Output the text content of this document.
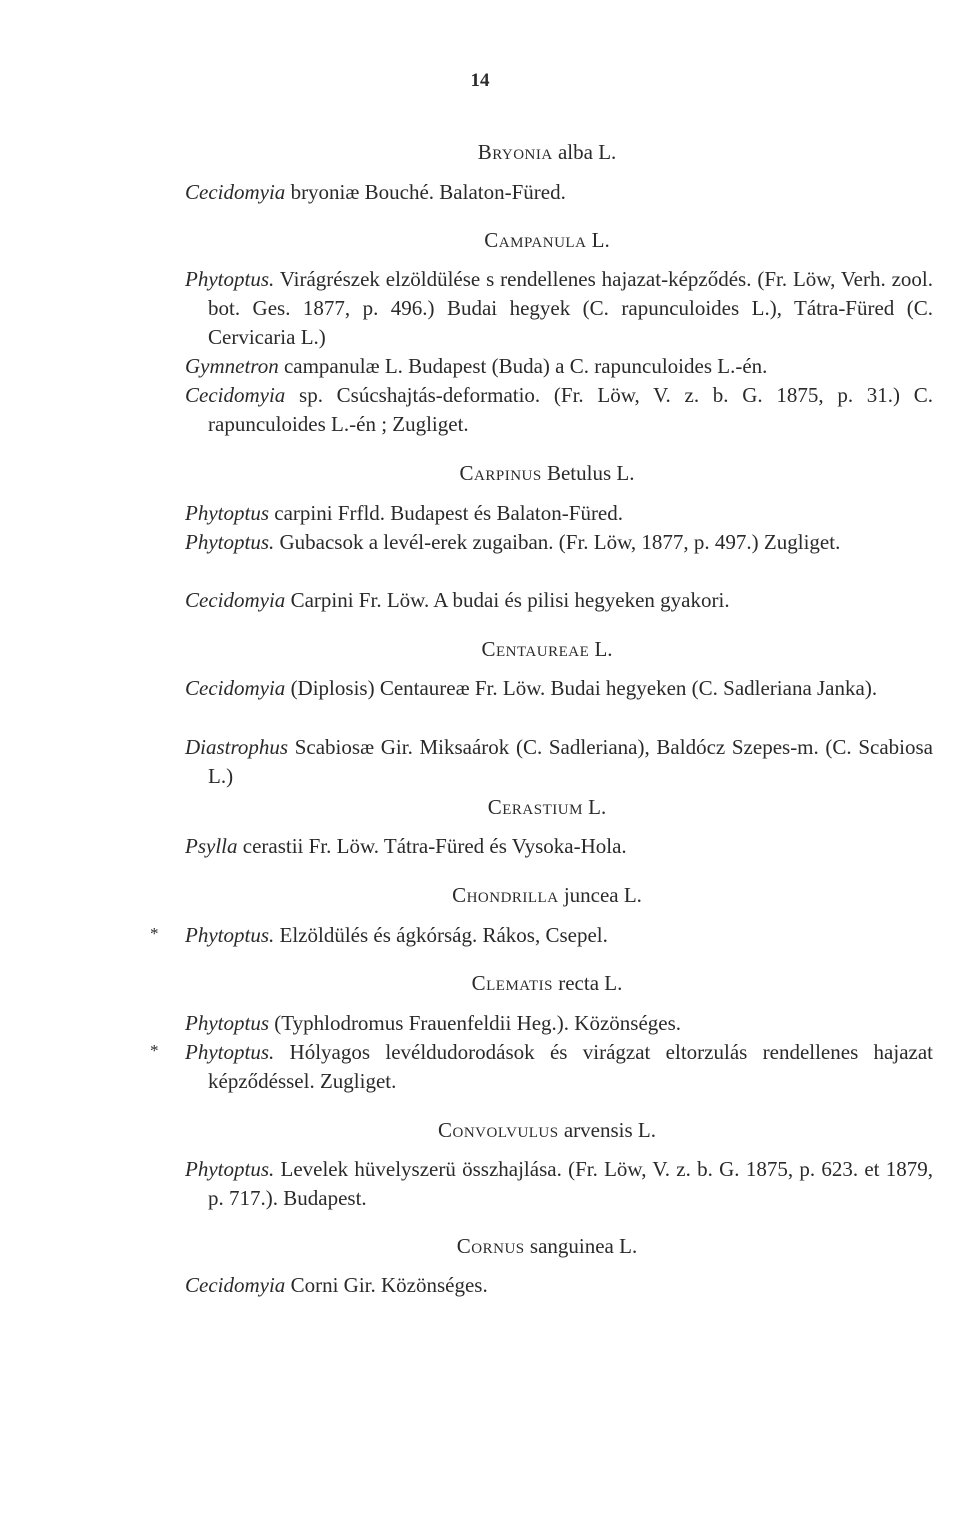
14
Bryonia alba L.
Cecidomyia bryoniæ Bouché. Balaton-Füred.
Campanula L.
Phytoptus. Virágrészek elzöldülése s rendellenes hajazat-képződés. (Fr. Löw, Verh. zool. bot. Ges. 1877, p. 496.) Budai hegyek (C. rapunculoides L.), Tátra-Füred (C. Cervicaria L.)
Gymnetron campanulæ L. Budapest (Buda) a C. rapunculoides L.-én.
Cecidomyia sp. Csúcshajtás-deformatio. (Fr. Löw, V. z. b. G. 1875, p. 31.) C. rapunculoides L.-én ; Zugliget.
Carpinus Betulus L.
Phytoptus carpini Frfld. Budapest és Balaton-Füred.
Phytoptus. Gubacsok a levél-erek zugaiban. (Fr. Löw, 1877, p. 497.) Zugliget.
Cecidomyia Carpini Fr. Löw. A budai és pilisi hegyeken gyakori.
Centaureae L.
Cecidomyia (Diplosis) Centaureæ Fr. Löw. Budai hegyeken (C. Sadleriana Janka).
Diastrophus Scabiosæ Gir. Miksaárok (C. Sadleriana), Baldócz Szepes-m. (C. Scabiosa L.)
Cerastium L.
Psylla cerastii Fr. Löw. Tátra-Füred és Vysoka-Hola.
Chondrilla juncea L.
*	Phytoptus. Elzöldülés és ágkórság. Rákos, Csepel.
Clematis recta L.
Phytoptus (Typhlodromus Frauenfeldii Heg.). Közönséges.
*	Phytoptus. Hólyagos levéldudorodások és virágzat eltorzulás rendellenes hajazat képződéssel. Zugliget.
Convolvulus arvensis L.
Phytoptus. Levelek hüvelyszerü összhajlása. (Fr. Löw, V. z. b. G. 1875, p. 623. et 1879, p. 717.). Budapest.
Cornus sanguinea L.
Cecidomyia Corni Gir. Közönséges.
